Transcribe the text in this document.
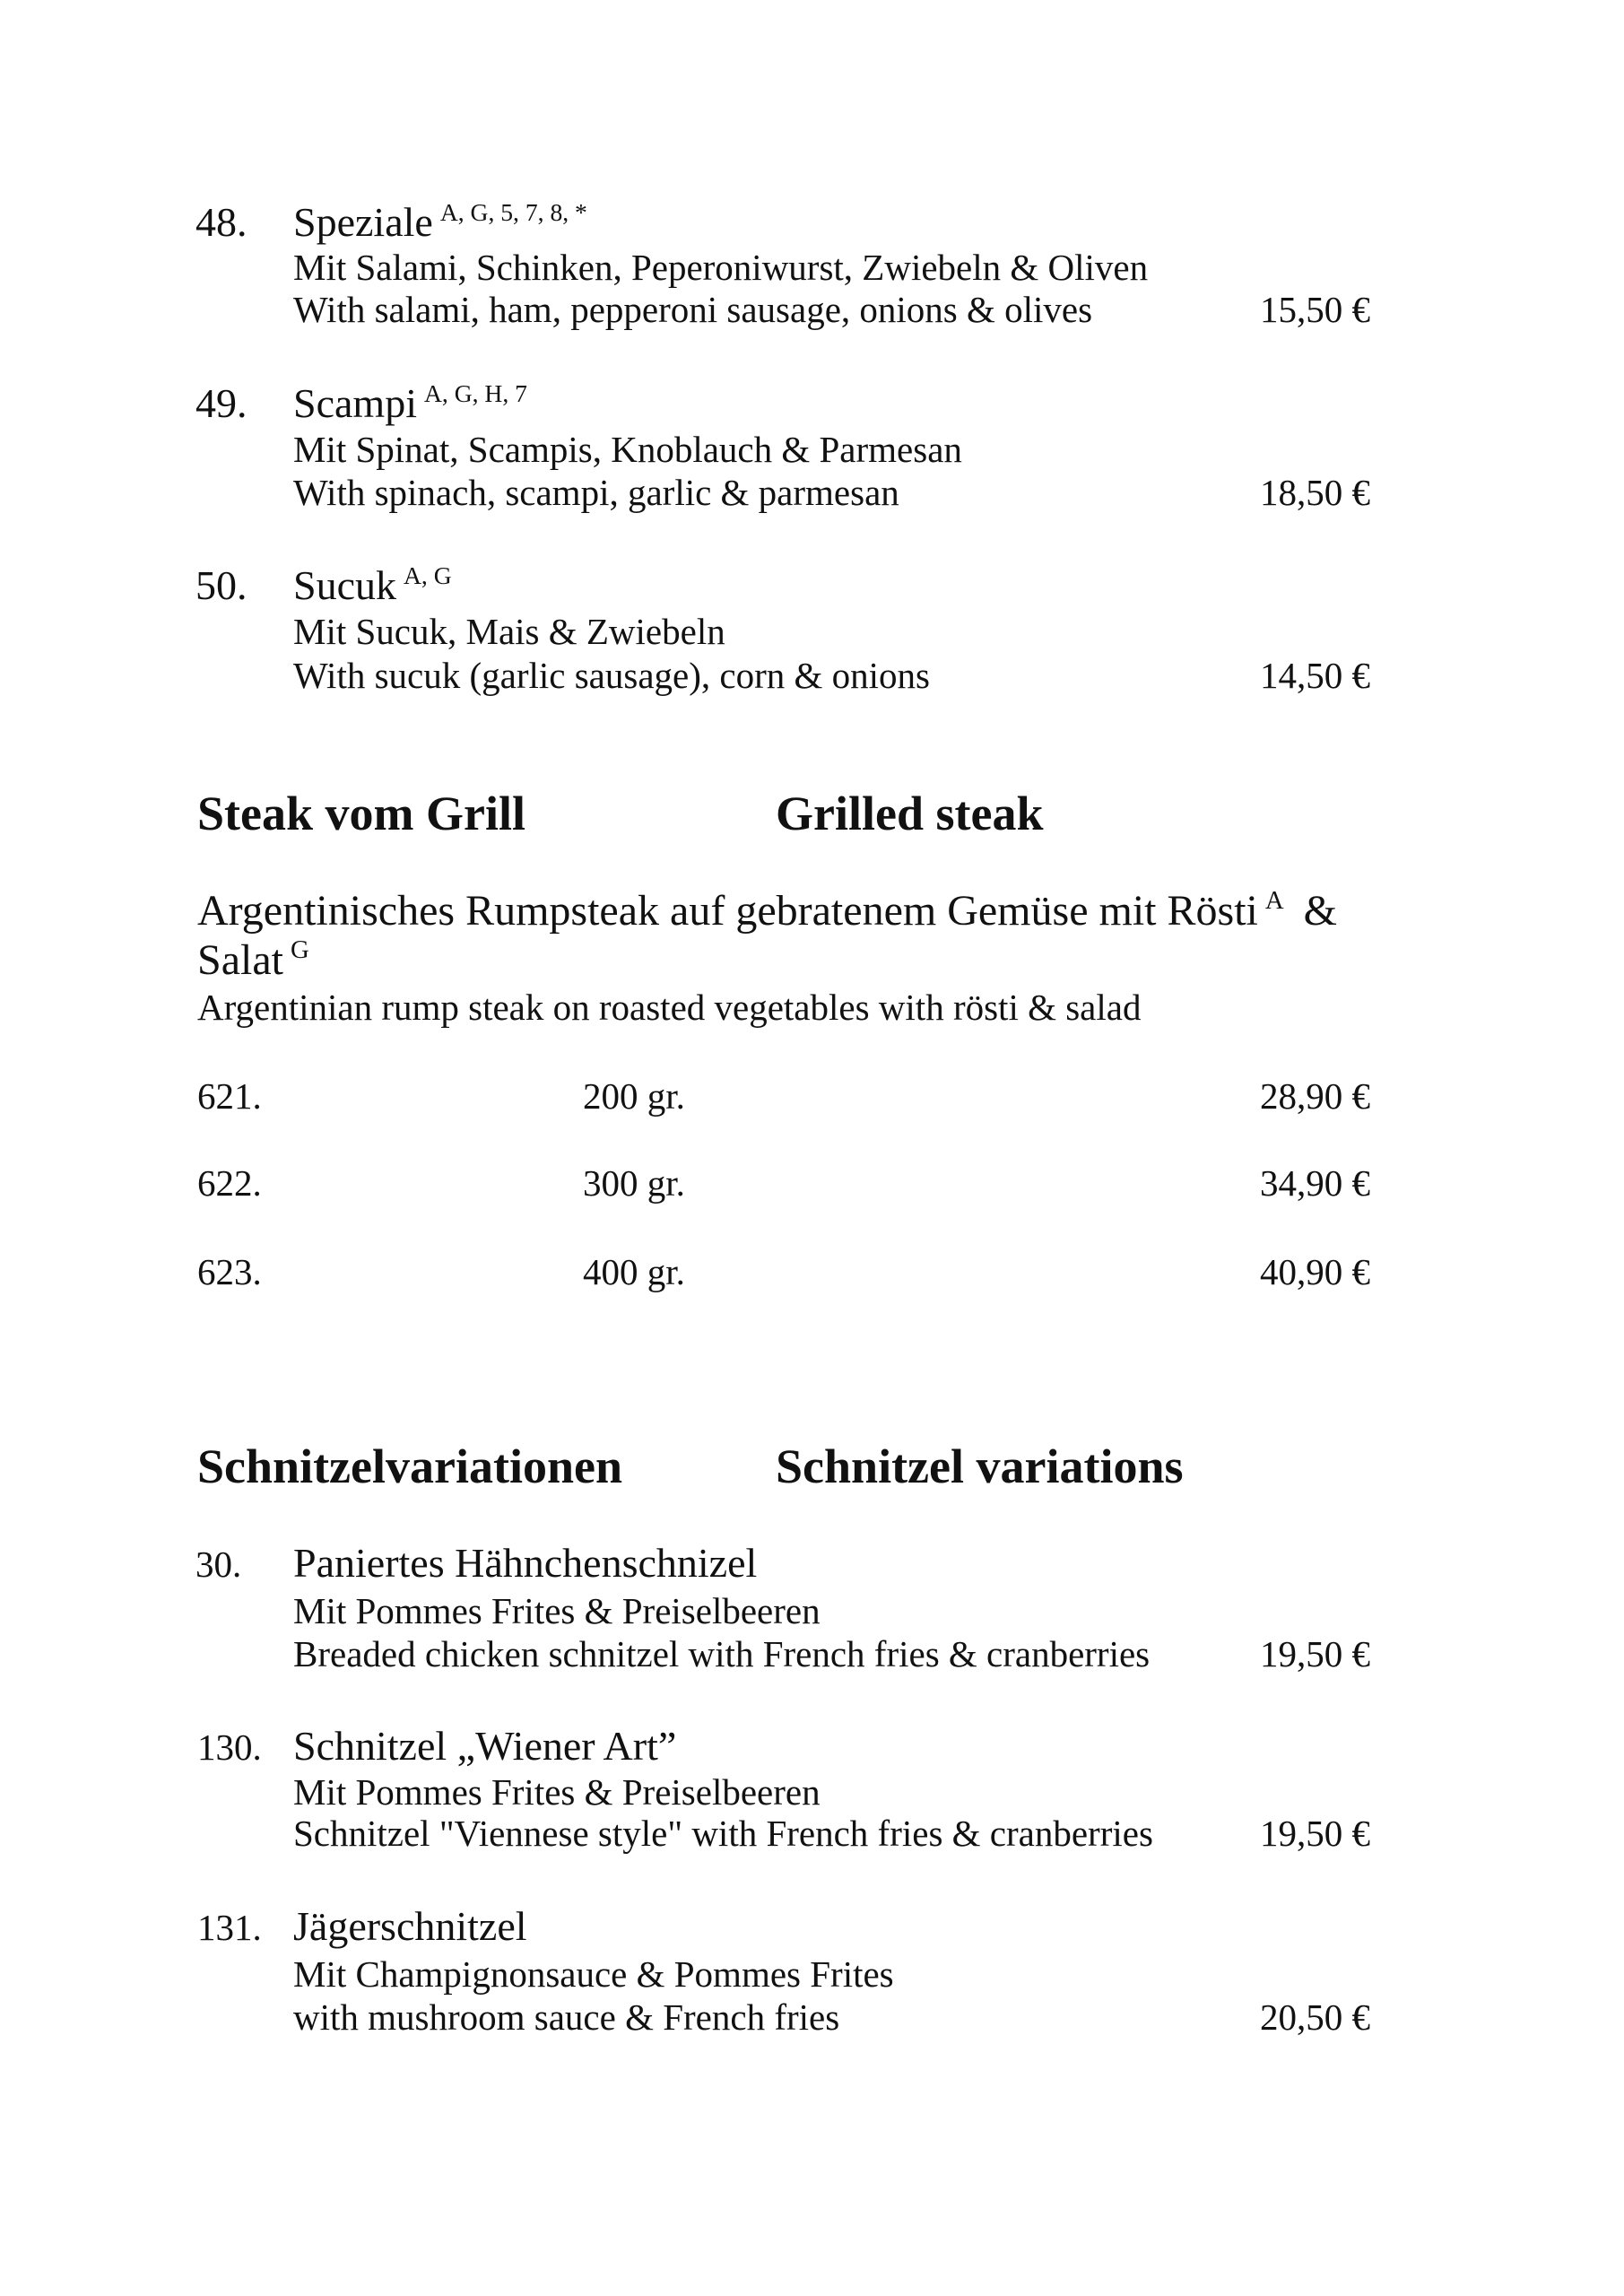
48. Speziale $^{A, G, 5, 7, 8, *}$
Mit Salami, Schinken, Peperoniwurst, Zwiebeln & Oliven
With salami, ham, pepperoni sausage, onions & olives	15,50 €
49. Scampi $^{A, G, H, 7}$
Mit Spinat, Scampis, Knoblauch & Parmesan
With spinach, scampi, garlic & parmesan	18,50 €
50. Sucuk $^{A, G}$
Mit Sucuk, Mais & Zwiebeln
With sucuk (garlic sausage), corn & onions	14,50 €
Steak vom Grill	Grilled steak
Argentinisches Rumpsteak auf gebratenem Gemüse mit Rösti $^A$ &
Salat $^G$
Argentinian rump steak on roasted vegetables with rösti & salad
621.	200 gr.	28,90 €
622.	300 gr.	34,90 €
623.	400 gr.	40,90 €
Schnitzelvariationen	Schnitzel variations
30. Paniertes Hähnchenschnizel
Mit Pommes Frites & Preiselbeeren
Breaded chicken schnitzel with French fries & cranberries	19,50 €
130. Schnitzel „Wiener Art”
Mit Pommes Frites & Preiselbeeren
Schnitzel "Viennese style" with French fries & cranberries	19,50 €
131. Jägerschnitzel
Mit Champignonsauce & Pommes Frites
with mushroom sauce & French fries	20,50 €
